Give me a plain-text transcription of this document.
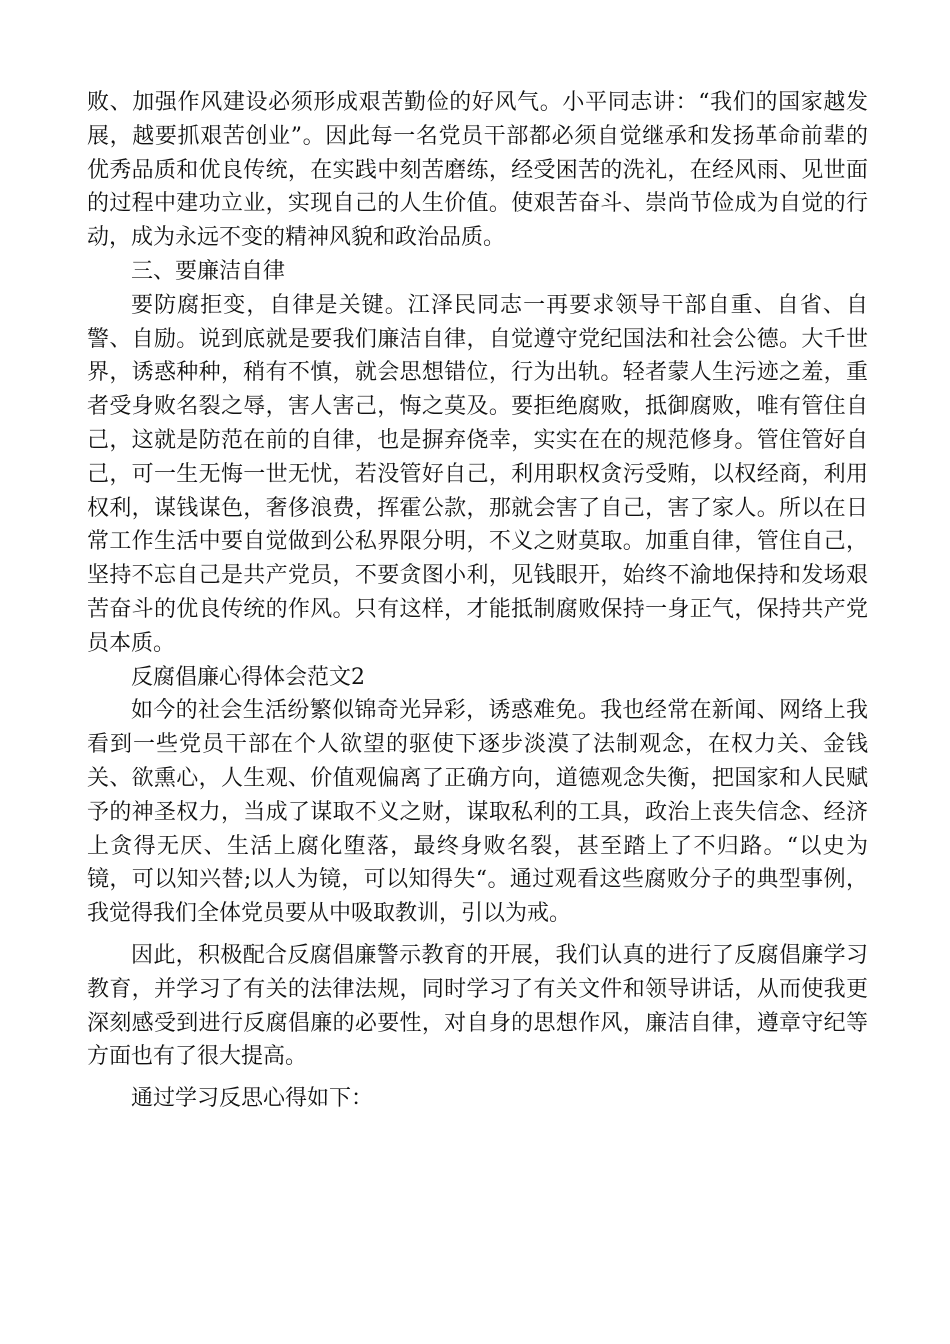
败、加强作风建设必须形成艰苦勤俭的好风气。小平同志讲：“我们的国家越发展，越要抓艰苦创业”。因此每一名党员干部都必须自觉继承和发扬革命前辈的优秀品质和优良传统，在实践中刻苦磨练，经受困苦的洗礼，在经风雨、见世面的过程中建功立业，实现自己的人生价值。使艰苦奋斗、崇尚节俭成为自觉的行动，成为永远不变的精神风貌和政治品质。

三、要廉洁自律

要防腐拒变，自律是关键。江泽民同志一再要求领导干部自重、自省、自警、自励。说到底就是要我们廉洁自律，自觉遵守党纪国法和社会公德。大千世界，诱惑种种，稍有不慎，就会思想错位，行为出轨。轻者蒙人生污迹之羞，重者受身败名裂之辱，害人害己，悔之莫及。要拒绝腐败，抵御腐败，唯有管住自己，这就是防范在前的自律，也是摒弃侥幸，实实在在的规范修身。管住管好自己，可一生无悔一世无忧，若没管好自己，利用职权贪污受贿，以权经商，利用权利，谋钱谋色，奢侈浪费，挥霍公款，那就会害了自己，害了家人。所以在日常工作生活中要自觉做到公私界限分明，不义之财莫取。加重自律，管住自己，坚持不忘自己是共产党员，不要贪图小利，见钱眼开，始终不渝地保持和发场艰苦奋斗的优良传统的作风。只有这样，才能抵制腐败保持一身正气，保持共产党员本质。

反腐倡廉心得体会范文2

如今的社会生活纷繁似锦奇光异彩，诱惑难免。我也经常在新闻、网络上我看到一些党员干部在个人欲望的驱使下逐步淡漠了法制观念，在权力关、金钱关、欲熏心，人生观、价值观偏离了正确方向，道德观念失衡，把国家和人民赋予的神圣权力，当成了谋取不义之财，谋取私利的工具，政治上丧失信念、经济上贪得无厌、生活上腐化堕落，最终身败名裂，甚至踏上了不归路。“以史为镜，可以知兴替;以人为镜，可以知得失“。通过观看这些腐败分子的典型事例，我觉得我们全体党员要从中吸取教训，引以为戒。

因此，积极配合反腐倡廉警示教育的开展，我们认真的进行了反腐倡廉学习教育，并学习了有关的法律法规，同时学习了有关文件和领导讲话，从而使我更深刻感受到进行反腐倡廉的必要性，对自身的思想作风，廉洁自律，遵章守纪等方面也有了很大提高。

通过学习反思心得如下：
